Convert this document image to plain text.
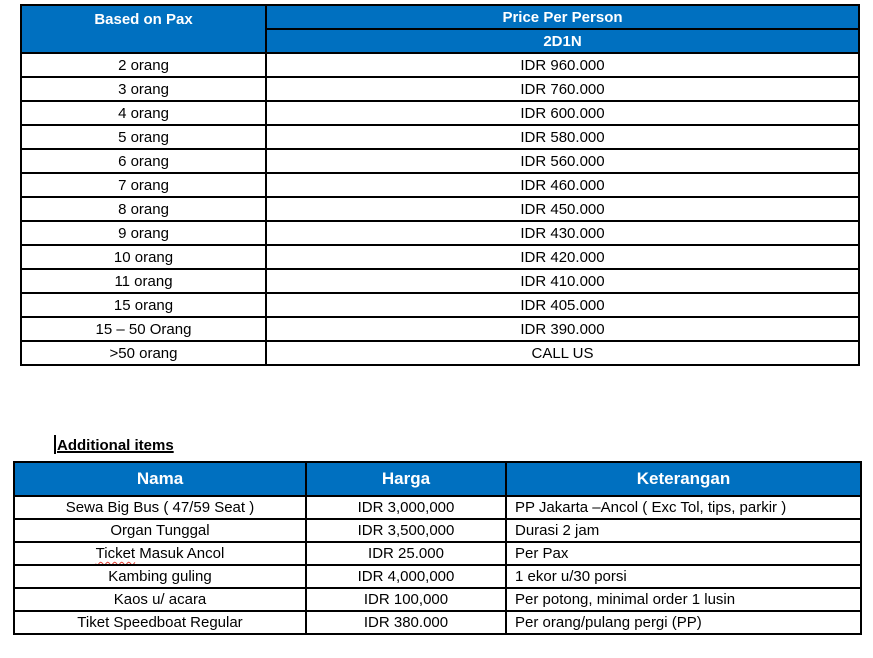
Based on Pax	Price Per Person
	2D1N
2 orang	IDR 960.000
3 orang	IDR 760.000
4 orang	IDR 600.000
5 orang	IDR 580.000
6 orang	IDR 560.000
7 orang	IDR 460.000
8 orang	IDR 450.000
9 orang	IDR 430.000
10 orang	IDR 420.000
11 orang	IDR 410.000
15 orang	IDR 405.000
15 – 50 Orang	IDR 390.000
>50 orang	CALL US
Additional items
Nama	Harga	Keterangan
Sewa Big Bus ( 47/59 Seat )	IDR 3,000,000	PP Jakarta –Ancol ( Exc Tol, tips, parkir )
Organ Tunggal	IDR 3,500,000	Durasi 2 jam
Ticket Masuk Ancol	IDR 25.000	Per Pax
Kambing guling	IDR 4,000,000	1 ekor u/30 porsi
Kaos u/ acara	IDR 100,000	Per potong, minimal order 1 lusin
Tiket Speedboat Regular	IDR 380.000	Per orang/pulang pergi (PP)
